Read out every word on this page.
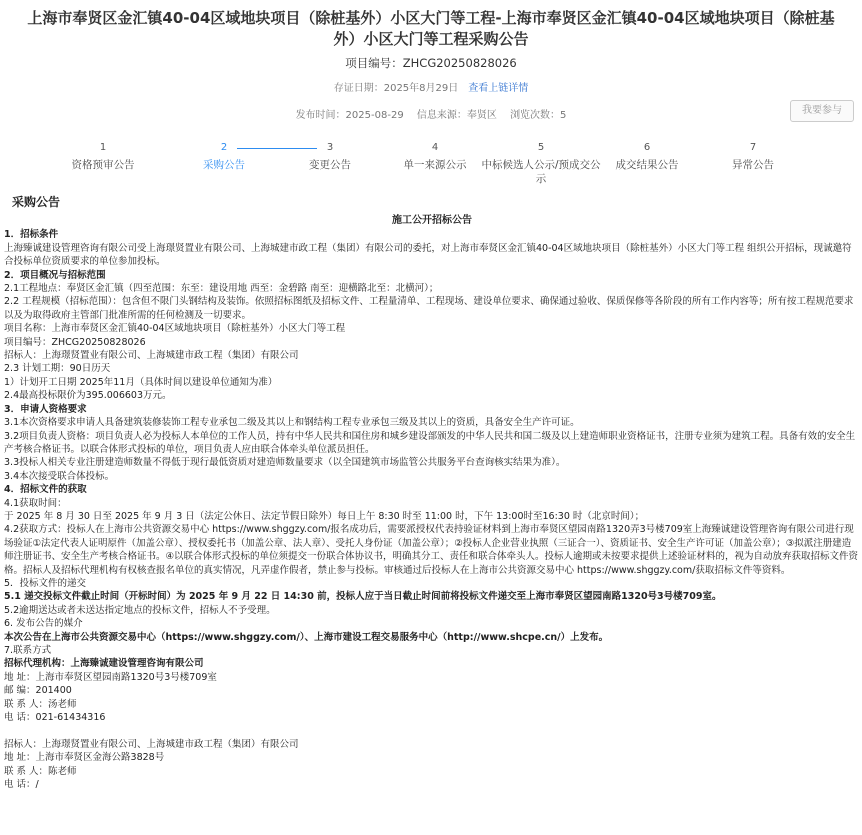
上海市奉贤区金汇镇40-04区域地块项目（除桩基外）小区大门等工程-上海市奉贤区金汇镇40-04区域地块项目（除桩基外）小区大门等工程采购公告
项目编号：ZHCG20250828026
存证日期：2025年8月29日 查看上链详情
发布时间：2025-08-29 信息来源：奉贤区 浏览次数：5	我要参与
1
资格预审公告
2
采购公告
3
变更公告
4
单一来源公示
5
中标候选人公示/预成交公示
6
成交结果公告
7
异常公告
采购公告
施工公开招标公告

1．招标条件

上海臻诚建设管理咨询有限公司受上海璟贤置业有限公司、上海城建市政工程（集团）有限公司的委托，对上海市奉贤区金汇镇40-04区域地块项目（除桩基外）小区大门等工程 组织公开招标，现诚邀符合投标单位资质要求的单位参加投标。

2．项目概况与招标范围

2.1工程地点：奉贤区金汇镇（四至范围：东至：建设用地 西至：金碧路 南至：迎横路北至：北横河）；

2.2 工程规模（招标范围）：包含但不限门头钢结构及装饰。依照招标图纸及招标文件、工程量清单、工程现场、建设单位要求、确保通过验收、保质保修等各阶段的所有工作内容等；所有按工程规范要求以及为取得政府主管部门批准所需的任何检测及一切要求。

项目名称：上海市奉贤区金汇镇40-04区域地块项目（除桩基外）小区大门等工程

项目编号：ZHCG20250828026

招标人：上海璟贤置业有限公司、上海城建市政工程（集团）有限公司

2.3 计划工期：90日历天

1）计划开工日期 2025年11月（具体时间以建设单位通知为准）

2.4最高投标限价为395.006603万元。

3．申请人资格要求

3.1本次资格要求申请人具备建筑装修装饰工程专业承包二级及其以上和钢结构工程专业承包三级及其以上的资质，具备安全生产许可证。

3.2项目负责人资格：项目负责人必为投标人本单位的工作人员，持有中华人民共和国住房和城乡建设部颁发的中华人民共和国二级及以上建造师职业资格证书，注册专业须为建筑工程。具备有效的安全生产考核合格证书。以联合体形式投标的单位，项目负责人应由联合体牵头单位派员担任。

3.3投标人相关专业注册建造师数量不得低于现行最低资质对建造师数量要求（以全国建筑市场监管公共服务平台查询核实结果为准）。

3.4本次接受联合体投标。

4．招标文件的获取

4.1获取时间：

于 2025 年 8 月 30 日至 2025 年 9 月 3 日（法定公休日、法定节假日除外）每日上午 8:30 时至 11:00 时，下午 13:00时至16:30 时（北京时间）；

4.2获取方式：投标人在上海市公共资源交易中心 https://www.shggzy.com/报名成功后，需要派授权代表持验证材料到上海市奉贤区望园南路1320弄3号楼709室上海臻诚建设管理咨询有限公司进行现场验证①法定代表人证明原件（加盖公章）、授权委托书（加盖公章、法人章）、受托人身份证（加盖公章）；②投标人企业营业执照（三证合一）、资质证书、安全生产许可证（加盖公章）；③拟派注册建造师注册证书、安全生产考核合格证书。④以联合体形式投标的单位须提交一份联合体协议书，明确其分工、责任和联合体牵头人。投标人逾期或未按要求提供上述验证材料的，视为自动放弃获取招标文件资格。招标人及招标代理机构有权核查报名单位的真实情况，凡弄虚作假者，禁止参与投标。审核通过后投标人在上海市公共资源交易中心 https://www.shggzy.com/获取招标文件等资料。

5．投标文件的递交

5.1 递交投标文件截止时间（开标时间）为 2025 年 9 月 22 日 14:30 前，投标人应于当日截止时间前将投标文件递交至上海市奉贤区望园南路1320号3号楼709室。

5.2逾期送达或者未送达指定地点的投标文件，招标人不予受理。

6. 发布公告的媒介

本次公告在上海市公共资源交易中心（https://www.shggzy.com/）、上海市建设工程交易服务中心（http://www.shcpe.cn/）上发布。

7.联系方式

招标代理机构：上海臻诚建设管理咨询有限公司

地 址：上海市奉贤区望园南路1320号3号楼709室

邮 编：201400

联 系 人：汤老师

电 话：021-61434316

招标人：上海璟贤置业有限公司、上海城建市政工程（集团）有限公司

地 址：上海市奉贤区金海公路3828号

联 系 人：陈老师

电 话：/
